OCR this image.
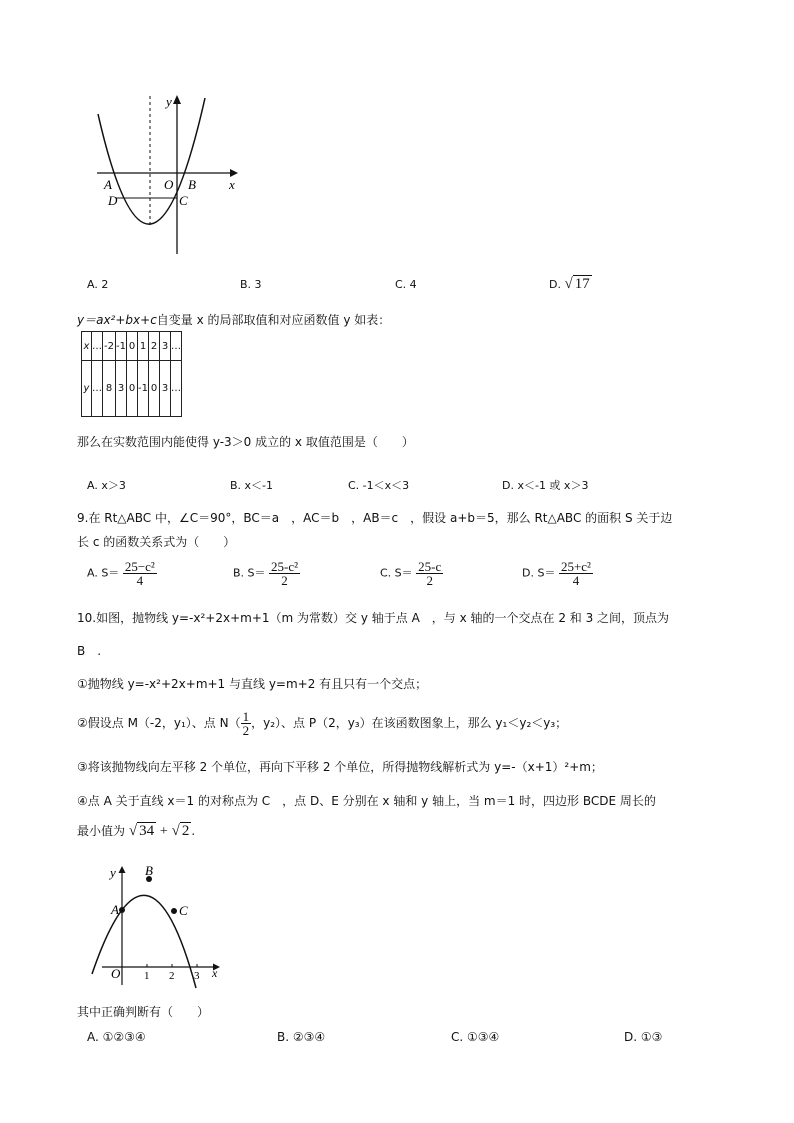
y
x
O
A	B
C
D
A. 2	B. 3	C. 4	D. √ 17
y＝ax²+bx+c自变量 x 的局部取值和对应函数值 y 如表：
x	…	-2	-1	0	1	2	3	…
y	…	8	3	0	-1	0	3	…
那么在实数范围内能使得 y-3＞0 成立的 x 取值范围是（　　）
A. x＞3	B. x＜-1	C. -1＜x＜3	D. x＜-1 或 x＞3
9.在 Rt△ABC 中，∠C＝90°，BC＝a　，AC＝b　，AB＝c　，假设 a+b＝5，那么 Rt△ABC 的面积 S 关于边
长 c 的函数关系式为（　　）
A. $S= \frac{\text{25−c²}}{4}$	B. $S= \frac{\text{25-c²}}{2}$	C. $S= \frac{25-c}{2}$	D. $S= \frac{\text{25+c²}}{4}$
10.如图，抛物线 y=-x²+2x+m+1（m 为常数）交 y 轴于点 A　，与 x 轴的一个交点在 2 和 3 之间，顶点为
B　.
①抛物线 y=-x²+2x+m+1 与直线 y=m+2 有且只有一个交点；
②假设点 M（-2，y₁）、点 $N( \frac{1}{2}$ ，y₂）、点 P（2，y₃）在该函数图象上，那么 y₁＜y₂＜y₃；
③将该抛物线向左平移 2 个单位，再向下平移 2 个单位，所得抛物线解析式为 y=-（x+1）²+m；
④点 A 关于直线 x＝1 的对称点为 C　，点 D、E 分别在 x 轴和 y 轴上，当 m＝1 时，四边形 BCDE 周长的
最小值为 √ 34 + √ 2 .
y
x
O
A
B
C
1 2 3
其中正确判断有（　　）
A. ①②③④	B. ②③④	C. ①③④	D. ①③
